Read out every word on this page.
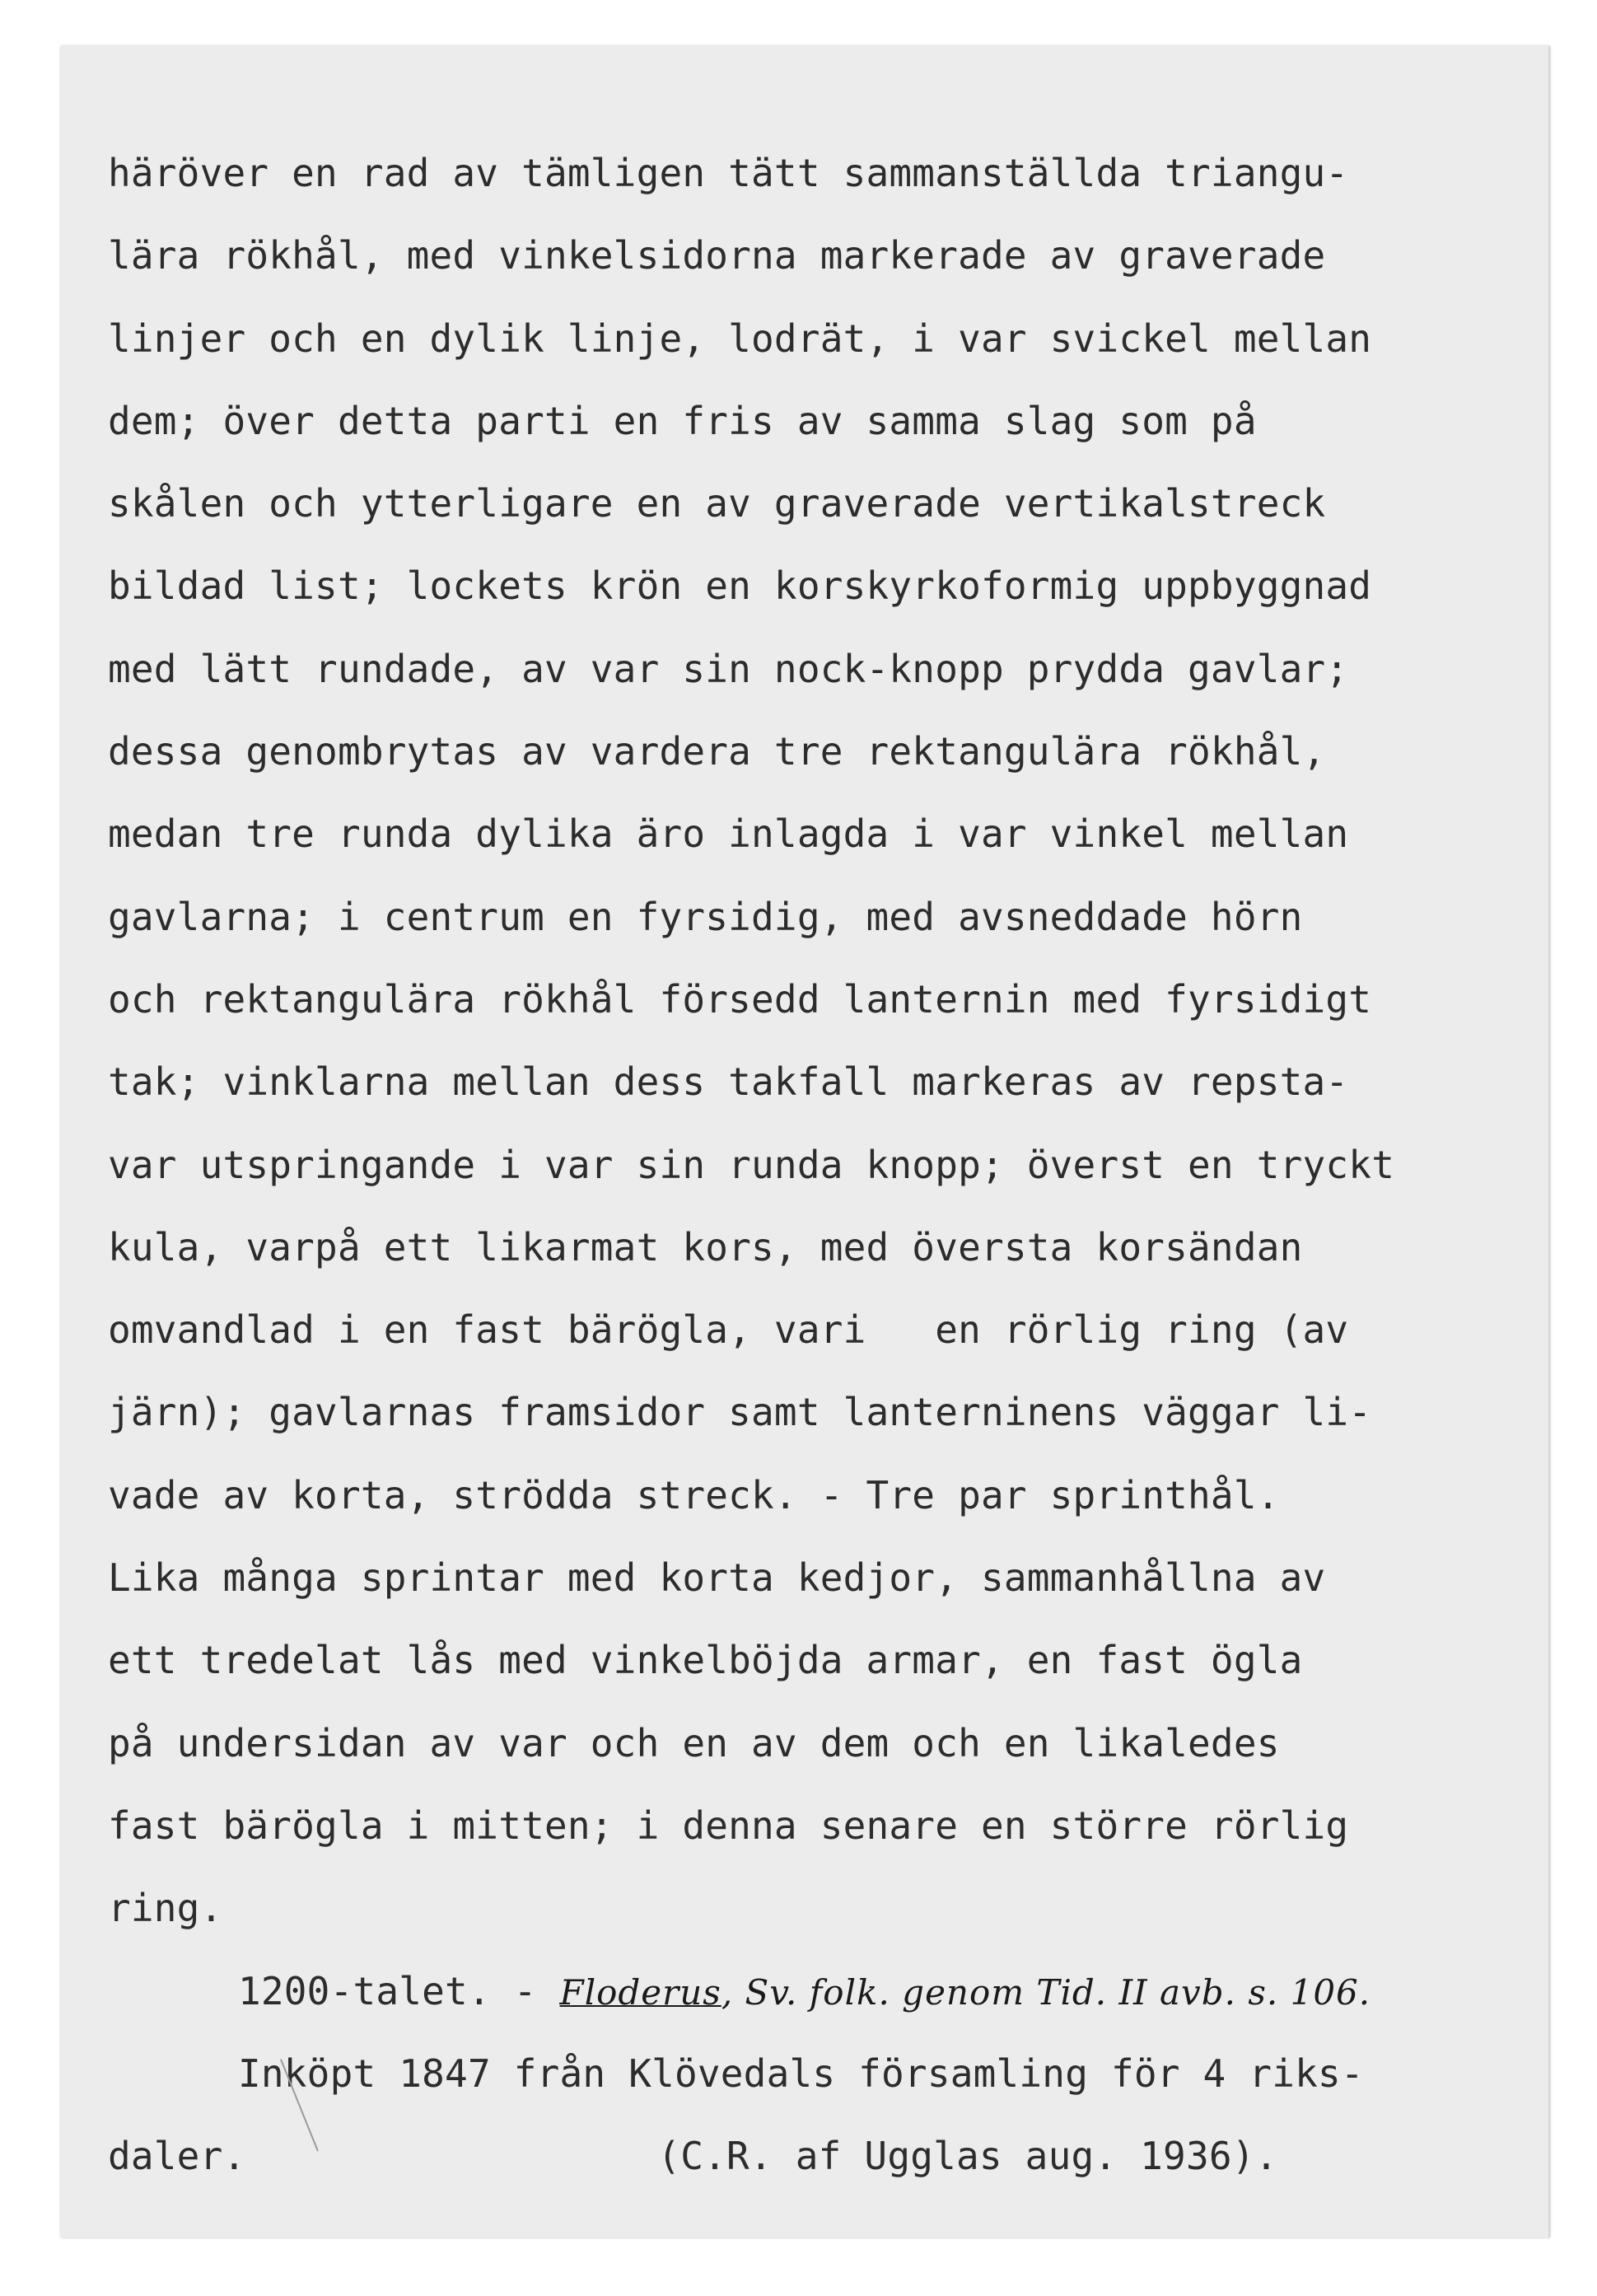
häröver en rad av tämligen tätt sammanställda triangu-
lära rökhål, med vinkelsidorna markerade av graverade
linjer och en dylik linje, lodrät, i var svickel mellan
dem; över detta parti en fris av samma slag som på
skålen och ytterligare en av graverade vertikalstreck
bildad list; lockets krön en korskyrkoformig uppbyggnad
med lätt rundade, av var sin nock-knopp prydda gavlar;
dessa genombrytas av vardera tre rektangulära rökhål,
medan tre runda dylika äro inlagda i var vinkel mellan
gavlarna; i centrum en fyrsidig, med avsneddade hörn
och rektangulära rökhål försedd lanternin med fyrsidigt
tak; vinklarna mellan dess takfall markeras av repsta-
var utspringande i var sin runda knopp; överst en tryckt
kula, varpå ett likarmat kors, med översta korsändan
omvandlad i en fast bärögla, vari   en rörlig ring (av
järn); gavlarnas framsidor samt lanterninens väggar li-
vade av korta, strödda streck. - Tre par sprinthål.
Lika många sprintar med korta kedjor, sammanhållna av
ett tredelat lås med vinkelböjda armar, en fast ögla
på undersidan av var och en av dem och en likaledes
fast bärögla i mitten; i denna senare en större rörlig
ring.
1200-talet. - Floderus, Sv. folk. genom Tid. II avb. s. 106.
Inköpt 1847 från Klövedals församling för 4 riks-
daler.	(C.R. af Ugglas aug. 1936).
